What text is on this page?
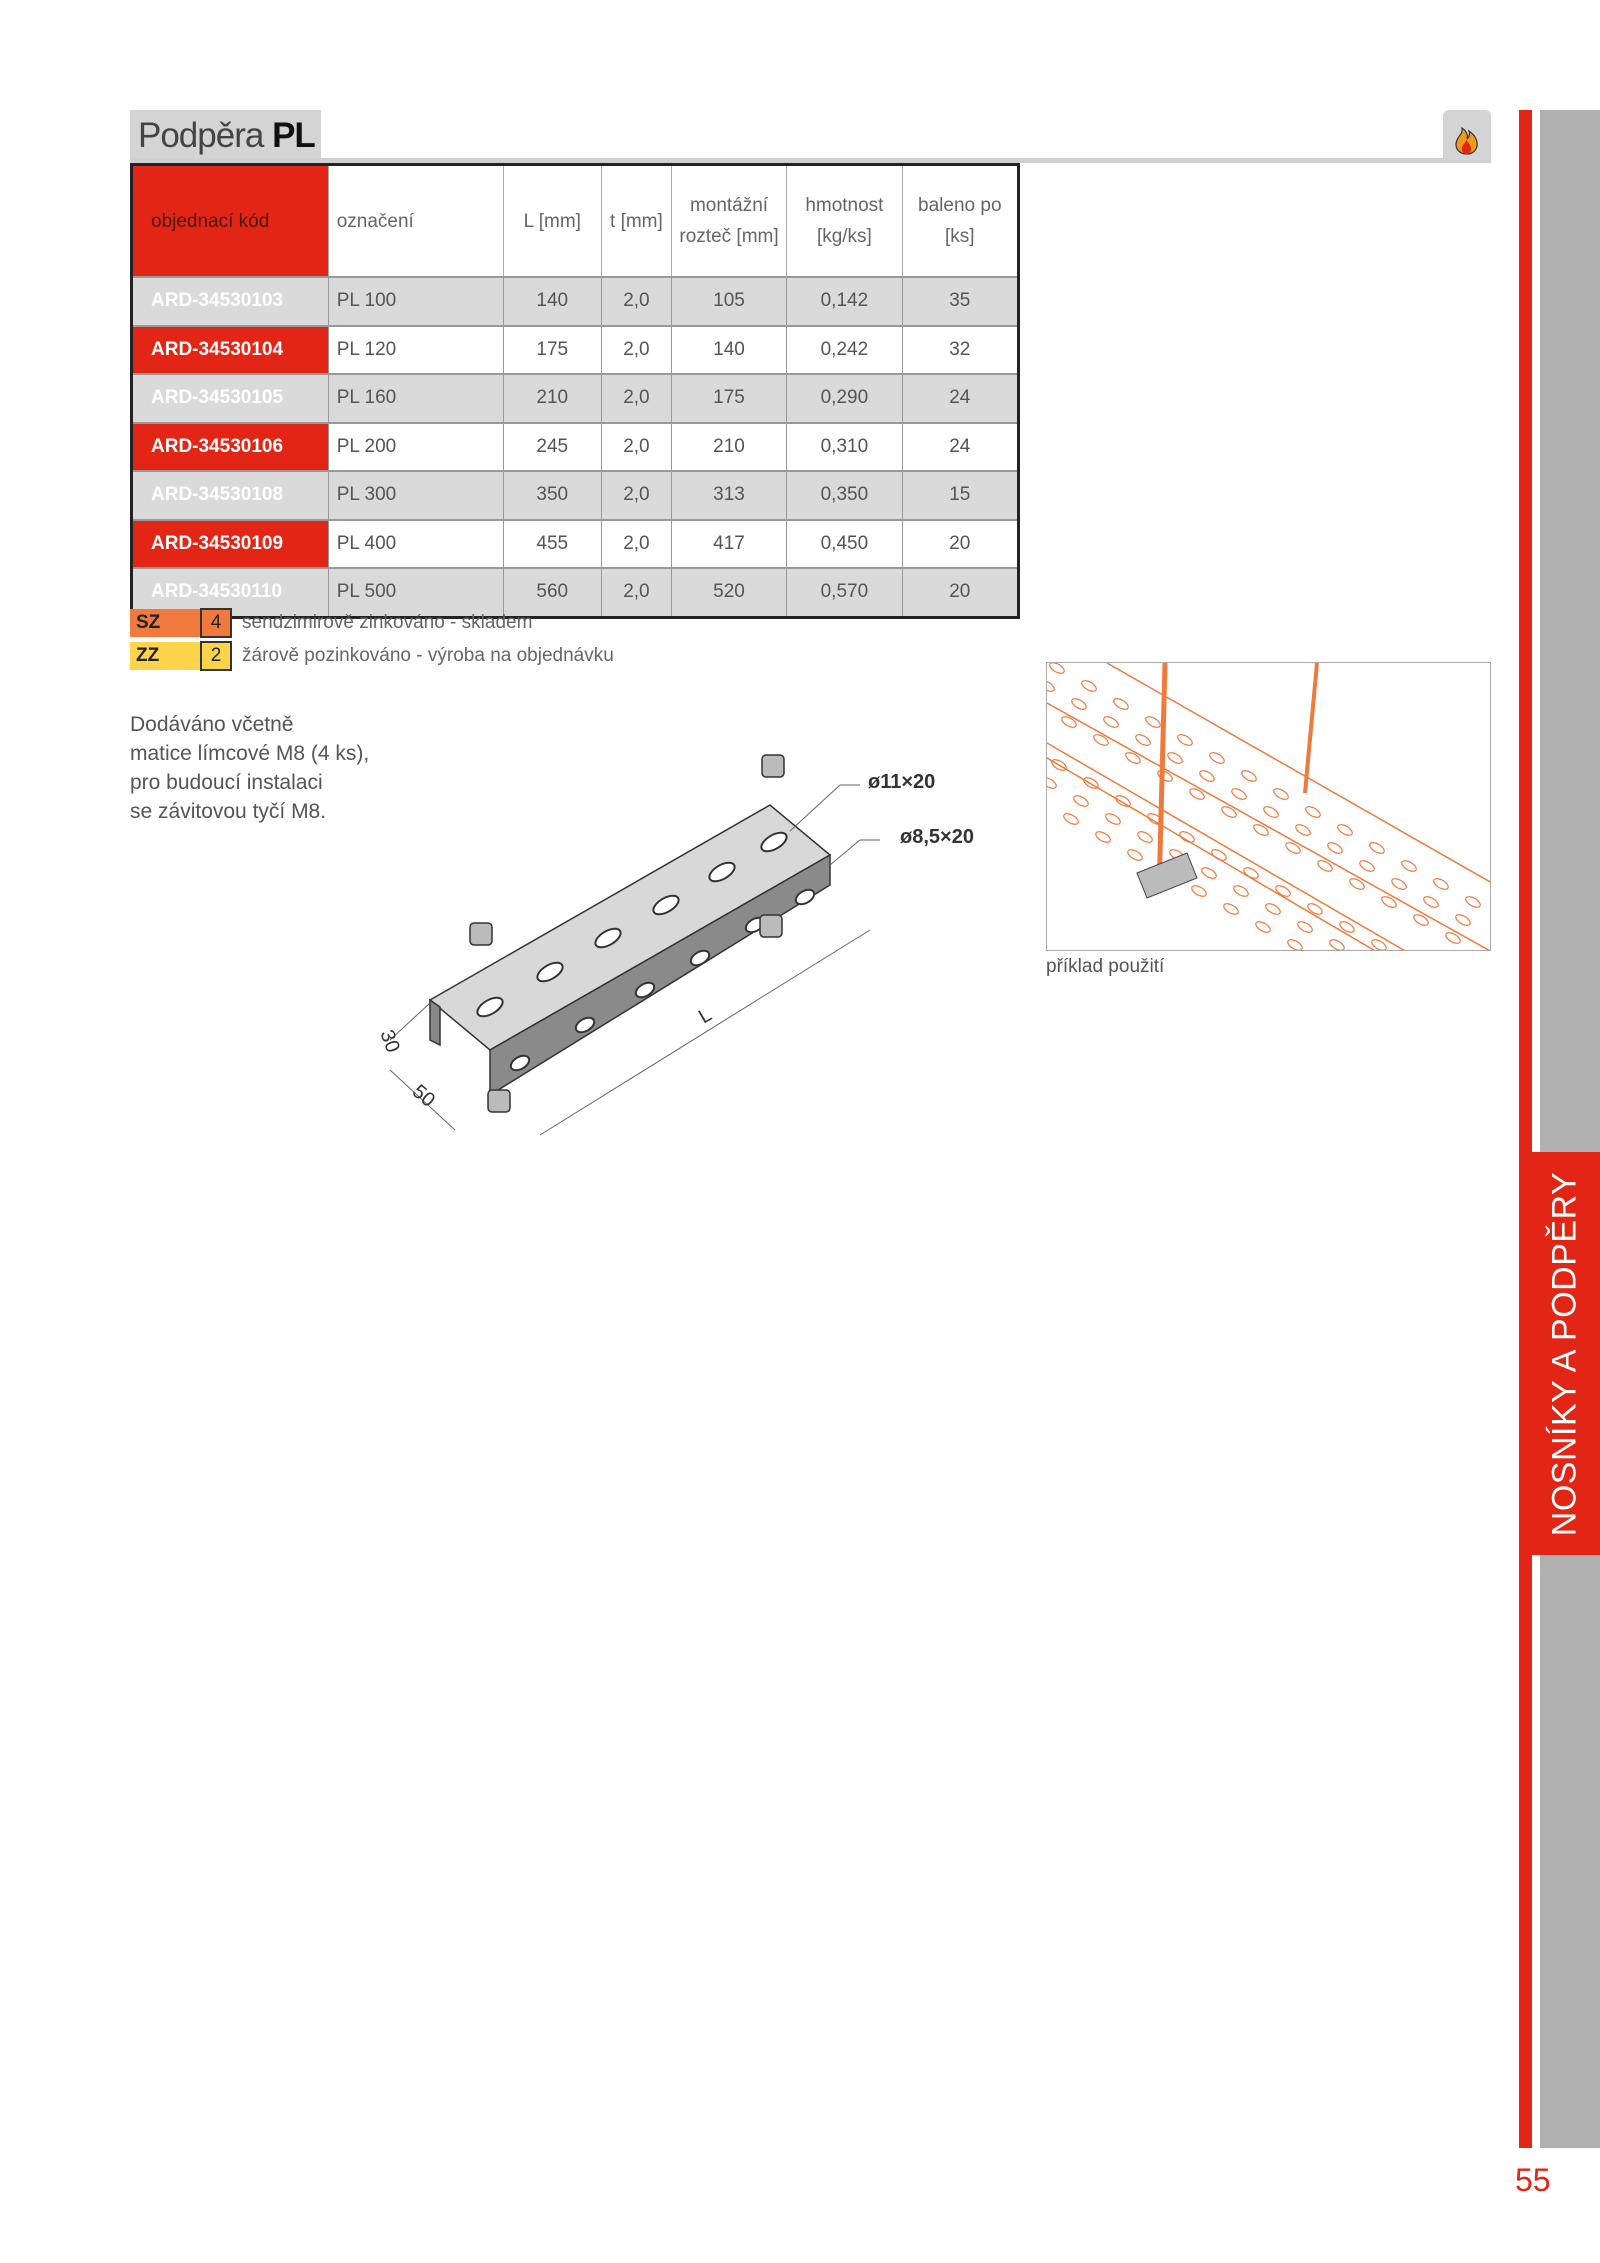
Podpěra PL
objednací kód	označení	L [mm]	t [mm]	montážní rozteč [mm]	hmotnost [kg/ks]	baleno po [ks]
ARD-34530103	PL 100	140	2,0	105	0,142	35
ARD-34530104	PL 120	175	2,0	140	0,242	32
ARD-34530105	PL 160	210	2,0	175	0,290	24
ARD-34530106	PL 200	245	2,0	210	0,310	24
ARD-34530108	PL 300	350	2,0	313	0,350	15
ARD-34530109	PL 400	455	2,0	417	0,450	20
ARD-34530110	PL 500	560	2,0	520	0,570	20
SZ	4	sendzimirově zinkováno - skladem
ZZ	2	žárově pozinkováno - výroba na objednávku
Dodáváno včetně
matice límcové M8 (4 ks),
pro budoucí instalaci
se závitovou tyčí M8.
ø11×20
ø8,5×20
L
30
50
příklad použití
NOSNÍKY A PODPĚRY
55
